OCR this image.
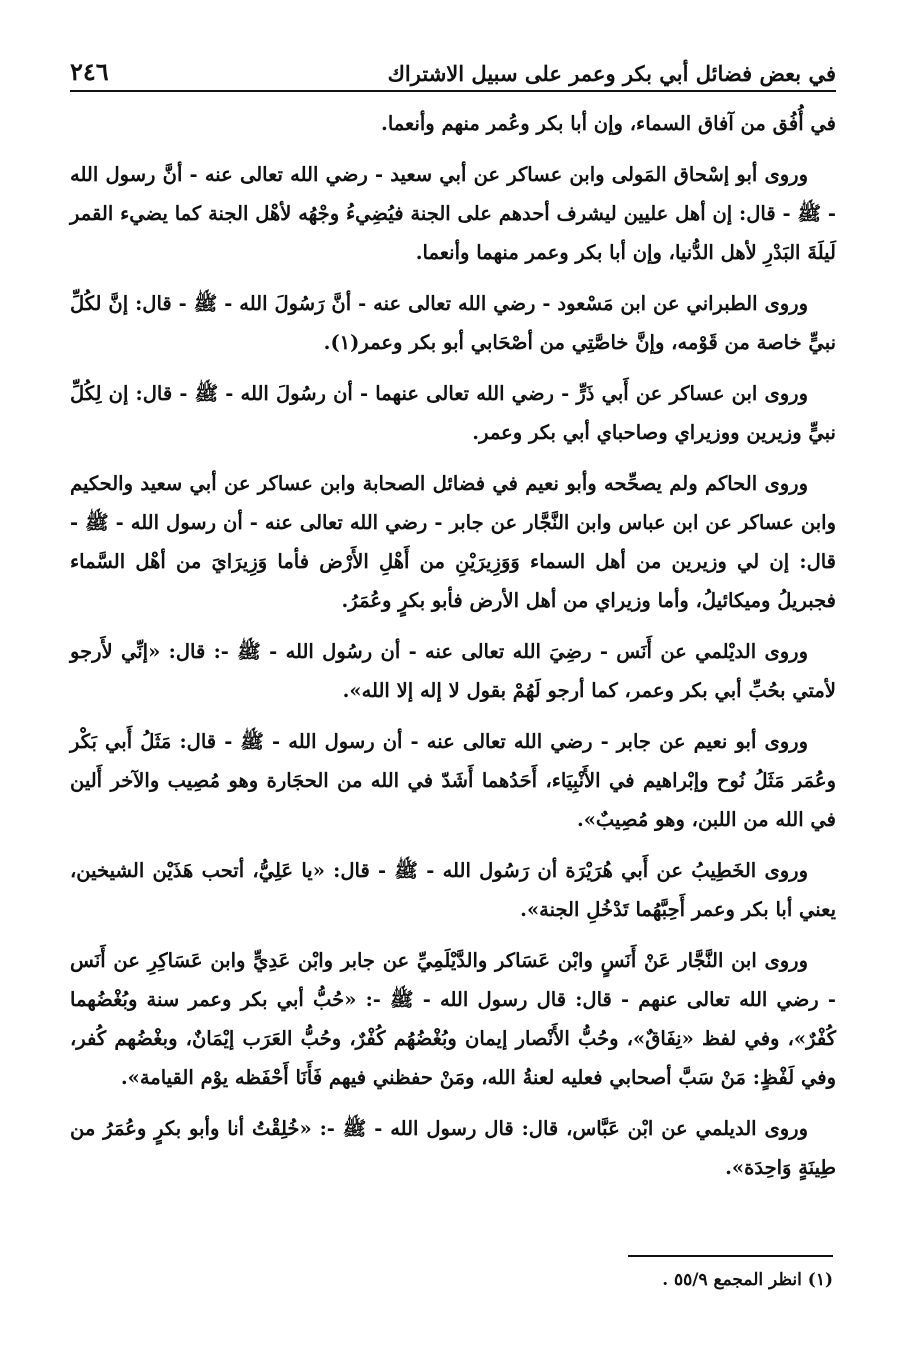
في بعض فضائل أبي بكر وعمر على سبيل الاشتراك
٢٤٦

في أُفُق من آفاق السماء، وإن أبا بكر وعُمر منهم وأنعما.

وروى أبو إسْحاق المَولى وابن عساكر عن أبي سعيد - رضي الله تعالى عنه - أنَّ رسول الله - ﷺ - قال: إن أهل عليين ليشرف أحدهم على الجنة فيُضِيءُ وجْهُه لأهْل الجنة كما يضيء القمر لَيلَةَ البَدْرِ لأهل الدُّنيا، وإن أبا بكر وعمر منهما وأنعما.

وروى الطبراني عن ابن مَسْعود - رضي الله تعالى عنه - أنَّ رَسُولَ الله - ﷺ - قال: إنَّ لكُلِّ نبيٍّ خاصة من قَوْمه، وإنَّ خاصَّتِي من أصْحَابي أبو بكر وعمر(١).

وروى ابن عساكر عن أَبي ذَرٍّ - رضي الله تعالى عنهما - أن رسُولَ الله - ﷺ - قال: إن لِكُلِّ نبيٍّ وزيرين ووزيراي وصاحباي أبي بكر وعمر.

وروى الحاكم ولم يصحِّحه وأبو نعيم في فضائل الصحابة وابن عساكر عن أبي سعيد والحكيم وابن عساكر عن ابن عباس وابن النَّجَّار عن جابر - رضي الله تعالى عنه - أن رسول الله - ﷺ - قال: إن لي وزيرين من أهل السماء وَوَزِيرَيْنِ من أَهْلِ الأَرْض فأما وَزِيرَايَ من أهْل السَّماء فجبريلُ وميكائيلُ، وأما وزيراي من أهل الأرض فأبو بكرٍ وعُمَرُ.

وروى الديْلمي عن أَنَس - رضِيَ الله تعالى عنه - أن رسُول الله - ﷺ -: قال: «إنِّي لأَرجو لأمتي بحُبِّ أبي بكر وعمر، كما أرجو لَهُمْ بقول لا إله إلا الله».

وروى أبو نعيم عن جابر - رضي الله تعالى عنه - أن رسول الله - ﷺ - قال: مَثَلُ أَبي بَكْر وعُمَر مَثَلُ نُوح وإبْراهيم في الأَنْبِيَاء، أَحَدُهما أَشَدّ في الله من الحجَارة وهو مُصِيب والآخر أَلين في الله من اللبن، وهو مُصِيبٌ».

وروى الخَطِيبُ عن أَبي هُرَيْرَة أن رَسُول الله - ﷺ - قال: «يا عَلِيُّ، أتحب هَذَيْن الشيخين، يعني أبا بكر وعمر أَحِبَّهُما تَدْخُلِ الجنة».

وروى ابن النَّجَّار عَنْ أَنَسٍ وابْن عَسَاكر والدَّيْلَمِيِّ عن جابر وابْن عَدِيٍّ وابن عَسَاكِرِ عن أَنَس - رضي الله تعالى عنهم - قال: قال رسول الله - ﷺ -: «حُبُّ أبي بكر وعمر سنة وبُغْضُهما كُفْرٌ»، وفي لفظ «نِفَاقٌ»، وحُبُّ الأَنْصار إيمان وبُغْضُهُم كُفْرٌ، وحُبُّ العَرَب إيْمَانٌ، وبغْضُهم كُفر، وفي لَفْظٍ: مَنْ سَبَّ أصحابي فعليه لعنةُ الله، ومَنْ حفظني فيهم فَأَنَا أَحْفَظه يوْم القيامة».

وروى الديلمي عن ابْن عَبَّاس، قال: قال رسول الله - ﷺ -: «خُلِقْتُ أنا وأبو بكرٍ وعُمَرُ من طِينَةٍ وَاحِدَة».

(١) انظر المجمع ٥٥/٩ .
